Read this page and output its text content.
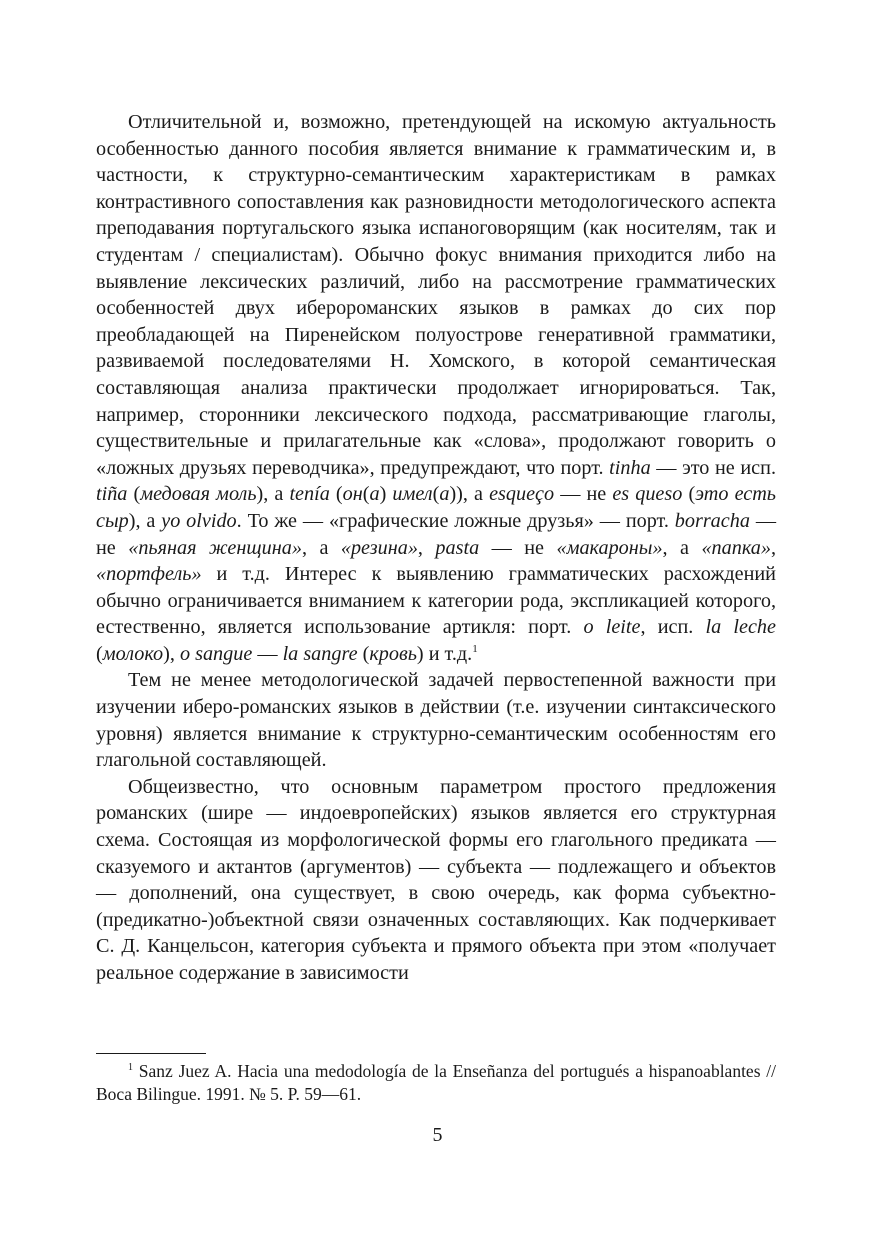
Отличительной и, возможно, претендующей на искомую актуальность особенностью данного пособия является внимание к грамматическим и, в частности, к структурно-семантическим характеристикам в рамках контрастивного сопоставления как разновидности методологического аспекта преподавания португальского языка испаноговорящим (как носителям, так и студентам / специалистам). Обычно фокус внимания приходится либо на выявление лексических различий, либо на рассмотрение грамматических особенностей двух иберороманских языков в рамках до сих пор преобладающей на Пиренейском полуострове генеративной грамматики, развиваемой последователями Н. Хомского, в которой семантическая составляющая анализа практически продолжает игнорироваться. Так, например, сторонники лексического подхода, рассматривающие глаголы, существительные и прилагательные как «слова», продолжают говорить о «ложных друзьях переводчика», предупреждают, что порт. tinha — это не исп. tiña (медовая моль), а tenía (он(а) имел(а)), а esqueço — не es queso (это есть сыр), а yo olvido. То же — «графические ложные друзья» — порт. borracha — не «пьяная женщина», а «резина», pasta — не «макароны», а «папка», «портфель» и т.д. Интерес к выявлению грамматических расхождений обычно ограничивается вниманием к категории рода, экспликацией которого, естественно, является использование артикля: порт. o leite, исп. la leche (молоко), o sangue — la sangre (кровь) и т.д.$^1$

Тем не менее методологической задачей первостепенной важности при изучении иберо-романских языков в действии (т.е. изучении синтаксического уровня) является внимание к структурно-семантическим особенностям его глагольной составляющей.

Общеизвестно, что основным параметром простого предложения романских (шире — индоевропейских) языков является его структурная схема. Состоящая из морфологической формы его глагольного предиката — сказуемого и актантов (аргументов) — субъекта — подлежащего и объектов — дополнений, она существует, в свою очередь, как форма субъектно-(предикатно-)объектной связи означенных составляющих. Как подчеркивает С. Д. Канцельсон, категория субъекта и прямого объекта при этом «получает реальное содержание в зависимости

$^1$ Sanz Juez A. Hacia una medodología de la Enseñanza del portugués a hispanoablantes // Boca Bilingue. 1991. № 5. P. 59—61.

5
